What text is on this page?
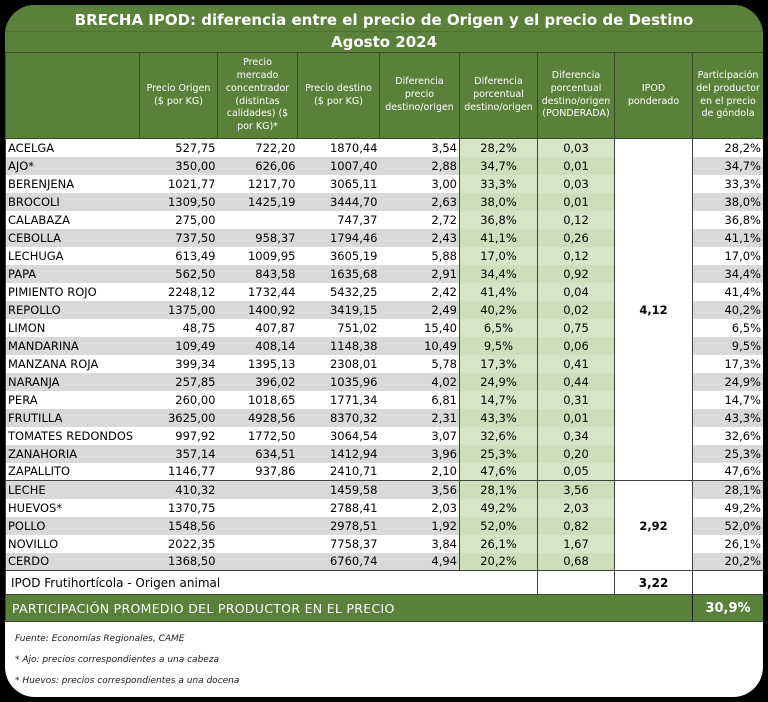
BRECHA IPOD: diferencia entre el precio de Origen y el precio de Destino
Agosto 2024
	Precio Origen ($ por KG)	Precio mercado concentrador (distintas calidades) ($ por KG)*	Precio destino ($ por KG)	Diferencia precio destino/origen	Diferencia porcentual destino/origen	Diferencia porcentual destino/origen (PONDERADA)	IPOD ponderado	Participación del productor en el precio de góndola
ACELGA	527,75	722,20	1870,44	3,54	28,2%	0,03		28,2%
AJO*	350,00	626,06	1007,40	2,88	34,7%	0,01		34,7%
BERENJENA	1021,77	1217,70	3065,11	3,00	33,3%	0,03		33,3%
BROCOLI	1309,50	1425,19	3444,70	2,63	38,0%	0,01		38,0%
CALABAZA	275,00		747,37	2,72	36,8%	0,12		36,8%
CEBOLLA	737,50	958,37	1794,46	2,43	41,1%	0,26		41,1%
LECHUGA	613,49	1009,95	3605,19	5,88	17,0%	0,12		17,0%
PAPA	562,50	843,58	1635,68	2,91	34,4%	0,92		34,4%
PIMIENTO ROJO	2248,12	1732,44	5432,25	2,42	41,4%	0,04		41,4%
REPOLLO	1375,00	1400,92	3419,15	2,49	40,2%	0,02	4,12	40,2%
LIMON	48,75	407,87	751,02	15,40	6,5%	0,75		6,5%
MANDARINA	109,49	408,14	1148,38	10,49	9,5%	0,06		9,5%
MANZANA ROJA	399,34	1395,13	2308,01	5,78	17,3%	0,41		17,3%
NARANJA	257,85	396,02	1035,96	4,02	24,9%	0,44		24,9%
PERA	260,00	1018,65	1771,34	6,81	14,7%	0,31		14,7%
FRUTILLA	3625,00	4928,56	8370,32	2,31	43,3%	0,01		43,3%
TOMATES REDONDOS	997,92	1772,50	3064,54	3,07	32,6%	0,34		32,6%
ZANAHORIA	357,14	634,51	1412,94	3,96	25,3%	0,20		25,3%
ZAPALLITO	1146,77	937,86	2410,71	2,10	47,6%	0,05		47,6%
LECHE	410,32		1459,58	3,56	28,1%	3,56		28,1%
HUEVOS*	1370,75		2788,41	2,03	49,2%	2,03		49,2%
POLLO	1548,56		2978,51	1,92	52,0%	0,82	2,92	52,0%
NOVILLO	2022,35		7758,37	3,84	26,1%	1,67		26,1%
CERDO	1368,50		6760,74	4,94	20,2%	0,68		20,2%
IPOD Frutihortícola - Origen animal							3,22	
PARTICIPACIÓN PROMEDIO DEL PRODUCTOR EN EL PRECIO								30,9%
Fuente: Economías Regionales, CAME
* Ajo: precios correspondientes a una cabeza
* Huevos: precios correspondientes a una docena
